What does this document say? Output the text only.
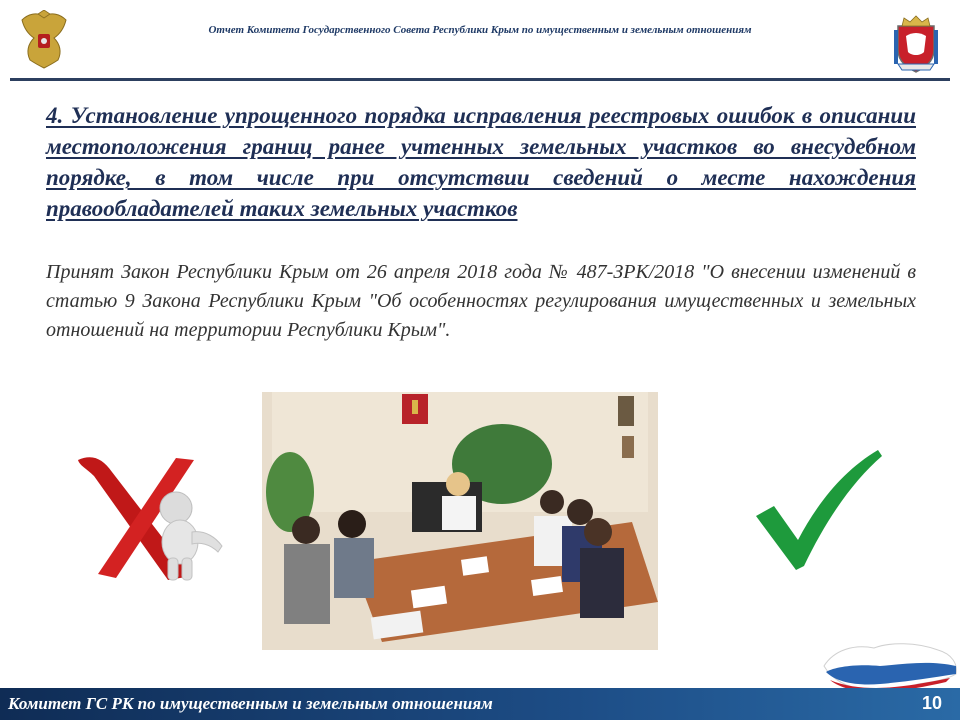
Отчет Комитета Государственного Совета Республики Крым по имущественным и земельным отношениям

4. Установление упрощенного порядка исправления реестровых ошибок в описании местоположения границ ранее учтенных земельных участков во внесудебном порядке, в том числе при отсутствии сведений о месте нахождения правообладателей таких земельных участков

Принят Закон Республики Крым от 26 апреля 2018 года № 487-ЗРК/2018 "О внесении изменений в статью 9 Закона Республики Крым "Об особенностях регулирования имущественных и земельных отношений на территории Республики Крым".

Комитет ГС РК по имущественным и земельным отношениям	10
